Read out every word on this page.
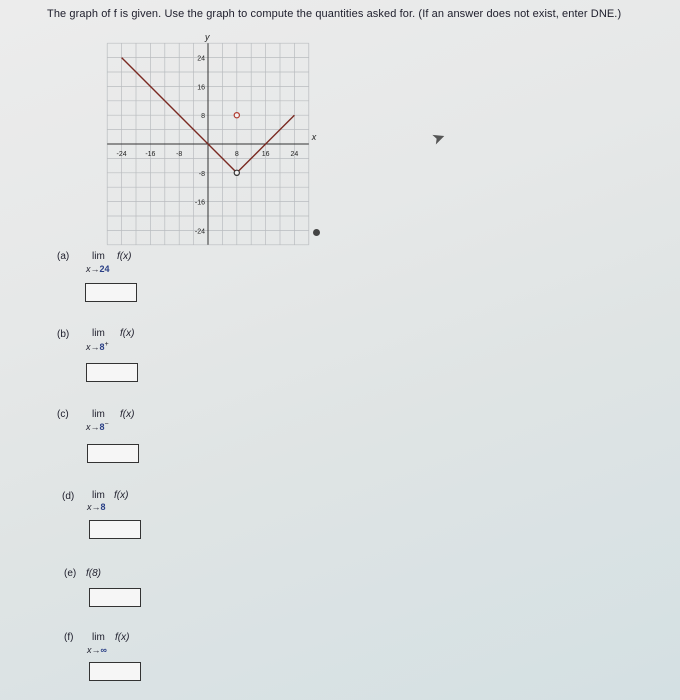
The graph of f is given. Use the graph to compute the quantities asked for. (If an answer does not exist, enter DNE.)
y
x
-24	-16	-8	8	16	24
24
16
8
-8
-16
-24
➤
(a) lim f(x)
x→24
(b) lim f(x)
x→8+
(c) lim f(x)
x→8−
(d) lim f(x)
x→8
(e) f(8)
(f) lim f(x)
x→∞
